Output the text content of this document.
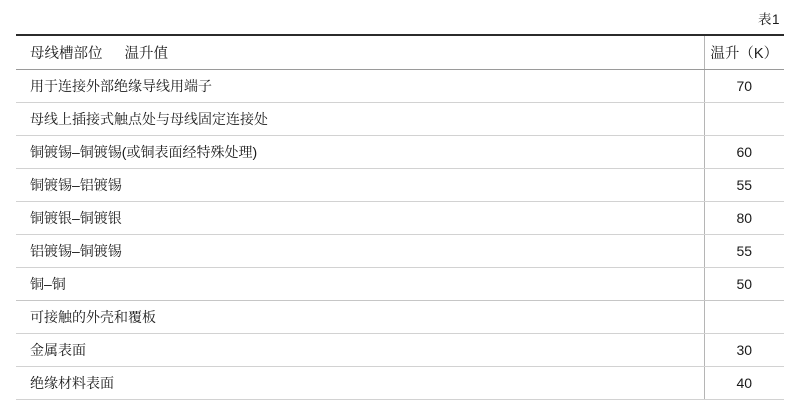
表1
母线槽部位 温升值	温升（K）
用于连接外部绝缘导线用端子	70
母线上插接式触点处与母线固定连接处	
铜镀锡–铜镀锡(或铜表面经特殊处理)	60
铜镀锡–铝镀锡	55
铜镀银–铜镀银	80
铝镀锡–铜镀锡	55
铜–铜	50
可接触的外壳和覆板	
金属表面	30
绝缘材料表面	40
